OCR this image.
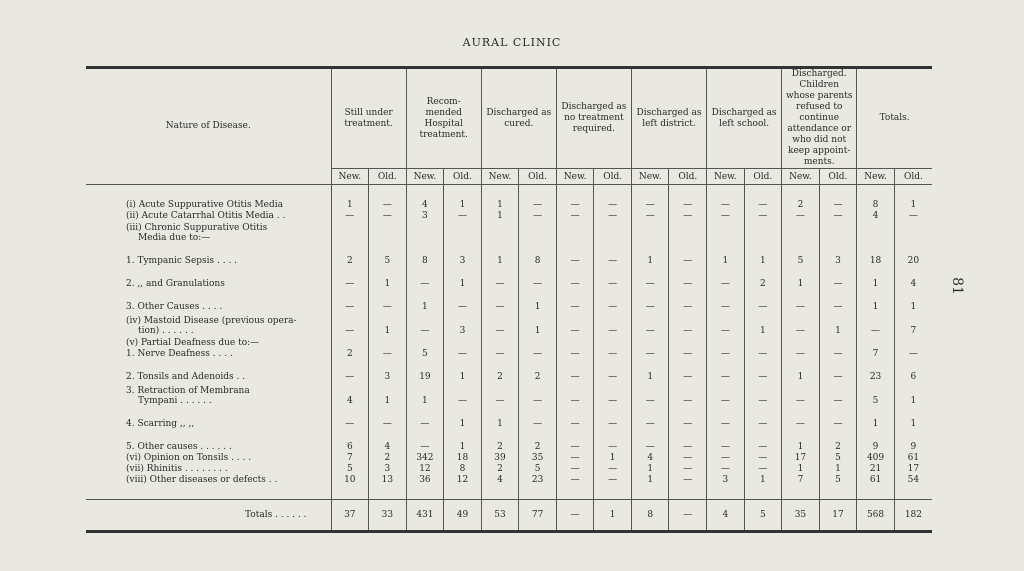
AURAL CLINIC
81
Nature of Disease.	Still under treatment.		Recom- mended Hospital treatment.		Discharged as cured.		Discharged as no treatment required.		Discharged as left district.		Discharged as left school.		Discharged. Children whose parents refused to continue attendance or who did not keep appoint- ments.		Totals.	
	New.	Old.	New.	Old.	New.	Old.	New.	Old.	New.	Old.	New.	Old.	New.	Old.	New.	Old.

(i) Acute Suppurative Otitis Media	1	—	4	1	1	—	—	—	—	—	—	—	2	—	8	1

(ii) Acute Catarrhal Otitis Media . .	—	—	3	—	1	—	—	—	—	—	—	—	—	—	4	—

(iii) Chronic Suppurative Otitis
Media due to:—																

1. Tympanic Sepsis . . . .	2	5	8	3	1	8	—	—	1	—	1	1	5	3	18	20

2. ,, and Granulations	—	1	—	1	—	—	—	—	—	—	—	2	1	—	1	4

3. Other Causes . . . .	—	—	1	—	—	1	—	—	—	—	—	—	—	—	1	1

(iv) Mastoid Disease (previous opera-
tion) . . . . . .	—	1	—	3	—	1	—	—	—	—	—	1	—	1	—	7

(v) Partial Deafness due to:—																

1. Nerve Deafness . . . .	2	—	5	—	—	—	—	—	—	—	—	—	—	—	7	—

2. Tonsils and Adenoids . .	—	3	19	1	2	2	—	—	1	—	—	—	1	—	23	6

3. Retraction of Membrana
Tympani . . . . . .	4	1	1	—	—	—	—	—	—	—	—	—	—	—	5	1

4. Scarring ,, ,,	—	—	—	1	1	—	—	—	—	—	—	—	—	—	1	1

5. Other causes . . . . . .	6	4	—	1	2	2	—	—	—	—	—	—	1	2	9	9

(vi) Opinion on Tonsils . . . .	7	2	342	18	39	35	—	1	4	—	—	—	17	5	409	61

(vii) Rhinitis . . . . . . . .	5	3	12	8	2	5	—	—	1	—	—	—	1	1	21	17

(viii) Other diseases or defects . .	10	13	36	12	4	23	—	—	1	—	3	1	7	5	61	54

Totals . . . . . .	37	33	431	49	53	77	—	1	8	—	4	5	35	17	568	182
